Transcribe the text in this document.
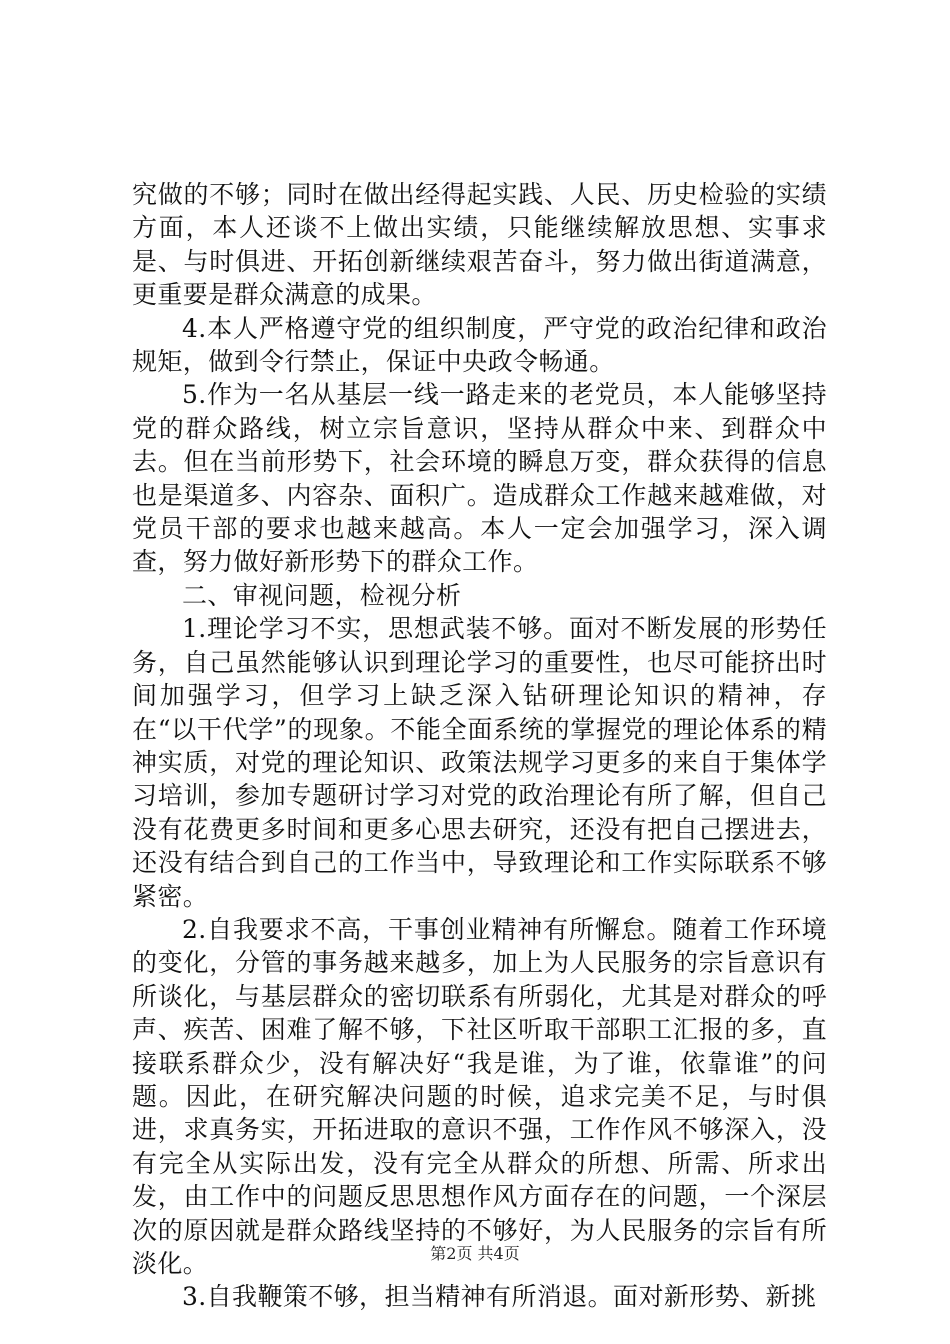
究做的不够；同时在做出经得起实践、人民、历史检验的实绩方面，本人还谈不上做出实绩，只能继续解放思想、实事求是、与时俱进、开拓创新继续艰苦奋斗，努力做出街道满意，更重要是群众满意的成果。

4.本人严格遵守党的组织制度，严守党的政治纪律和政治规矩，做到令行禁止，保证中央政令畅通。

5.作为一名从基层一线一路走来的老党员，本人能够坚持党的群众路线，树立宗旨意识，坚持从群众中来、到群众中去。但在当前形势下，社会环境的瞬息万变，群众获得的信息也是渠道多、内容杂、面积广。造成群众工作越来越难做，对党员干部的要求也越来越高。本人一定会加强学习，深入调查，努力做好新形势下的群众工作。

二、审视问题，检视分析

1.理论学习不实，思想武装不够。面对不断发展的形势任务，自己虽然能够认识到理论学习的重要性，也尽可能挤出时间加强学习，但学习上缺乏深入钻研理论知识的精神，存在“以干代学”的现象。不能全面系统的掌握党的理论体系的精神实质，对党的理论知识、政策法规学习更多的来自于集体学习培训，参加专题研讨学习对党的政治理论有所了解，但自己没有花费更多时间和更多心思去研究，还没有把自己摆进去，还没有结合到自己的工作当中，导致理论和工作实际联系不够紧密。

2.自我要求不高，干事创业精神有所懈怠。随着工作环境的变化，分管的事务越来越多，加上为人民服务的宗旨意识有所谈化，与基层群众的密切联系有所弱化，尤其是对群众的呼声、疾苦、困难了解不够，下社区听取干部职工汇报的多，直接联系群众少，没有解决好“我是谁，为了谁，依靠谁”的问题。因此，在研究解决问题的时候，追求完美不足，与时俱进，求真务实，开拓进取的意识不强，工作作风不够深入，没有完全从实际出发，没有完全从群众的所想、所需、所求出发，由工作中的问题反思思想作风方面存在的问题，一个深层次的原因就是群众路线坚持的不够好，为人民服务的宗旨有所淡化。

3.自我鞭策不够，担当精神有所消退。面对新形势、新挑

第2页 共4页
